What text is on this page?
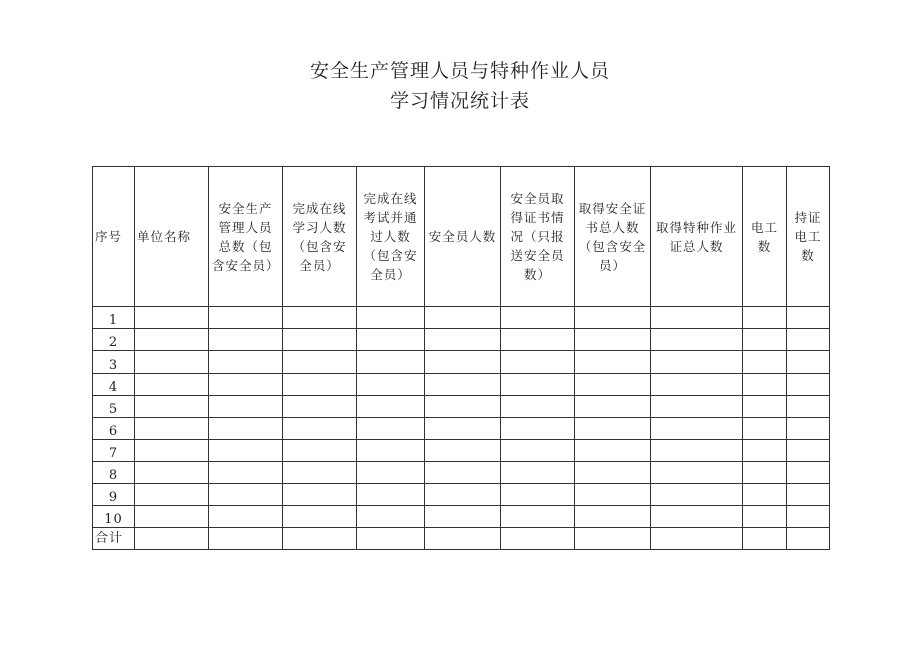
安全生产管理人员与特种作业人员
学习情况统计表
序号	单位名称	安全生产管理人员总数（包含安全员）	完成在线学习人数（包含安全员）	完成在线考试并通过人数（包含安全员）	安全员人数	安全员取得证书情况（只报送安全员数）	取得安全证书总人数（包含安全员）	取得特种作业证总人数	电工数	持证电工数

1										
2										
3										
4										
5										
6										
7										
8										
9										
10										
合计										
